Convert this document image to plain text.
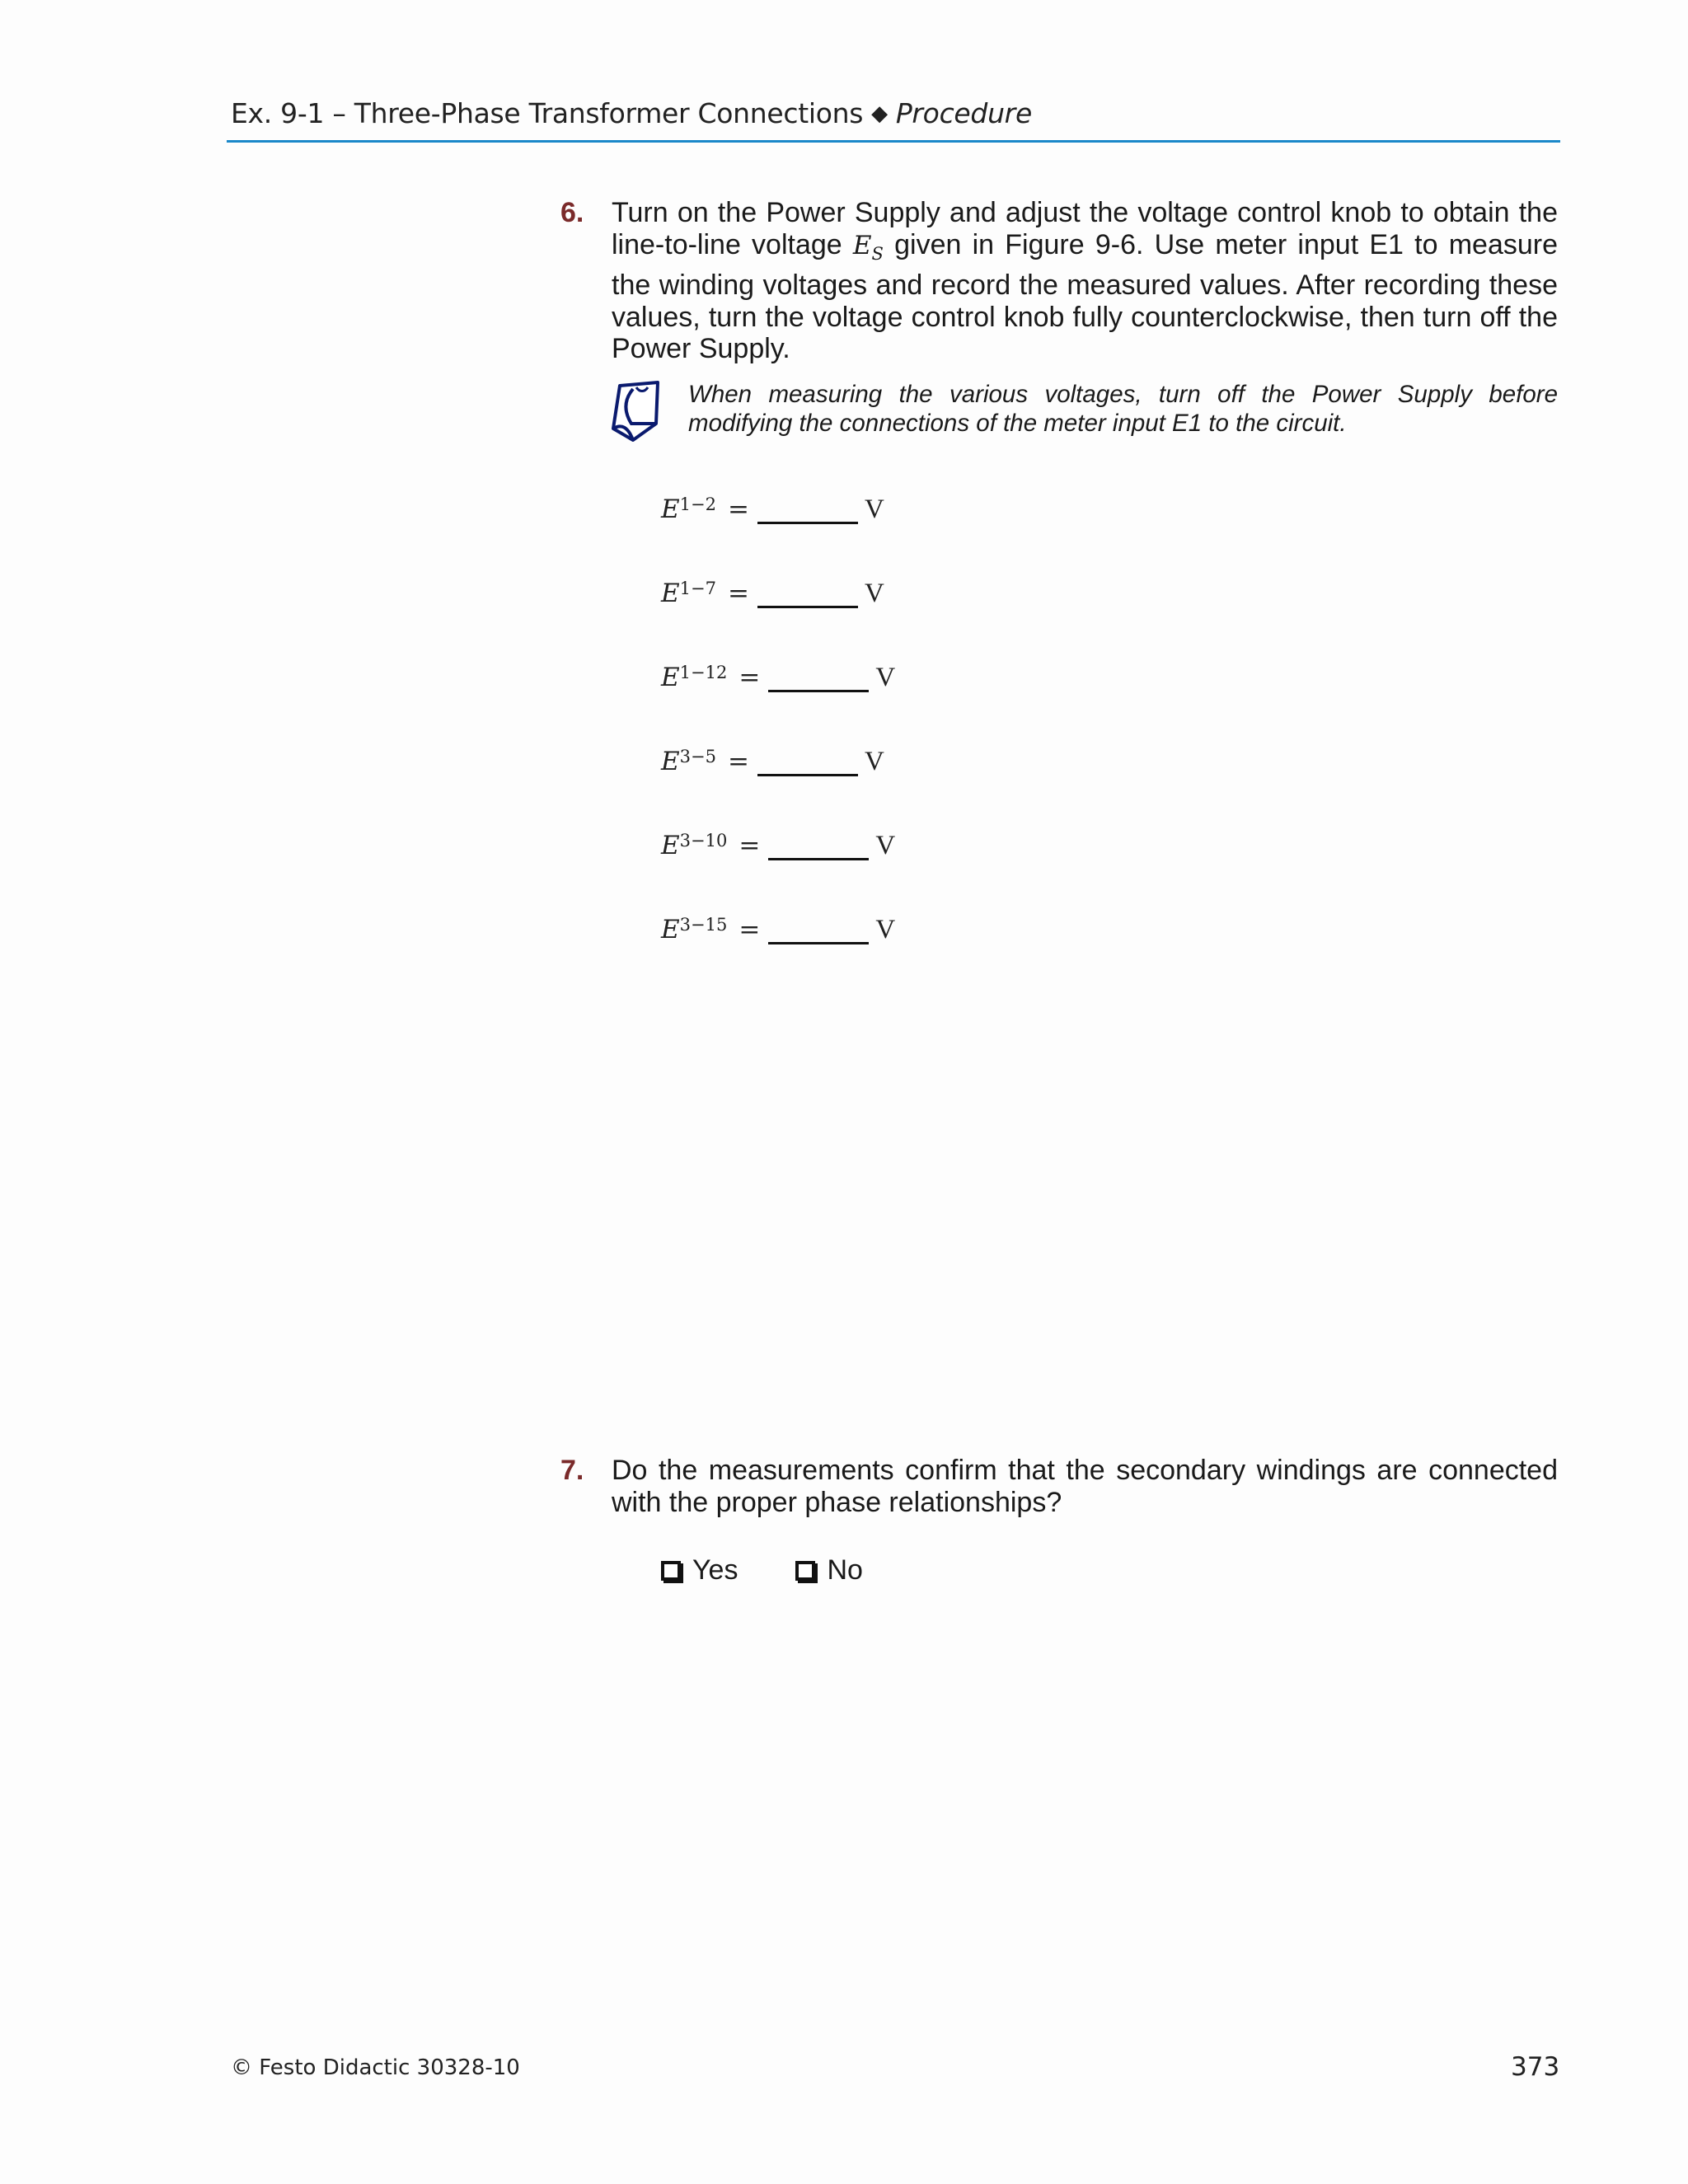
Ex. 9-1 – Three-Phase Transformer Connections ◆ Procedure
6. Turn on the Power Supply and adjust the voltage control knob to obtain the line-to-line voltage $E_S$ given in Figure 9-6. Use meter input E1 to measure the winding voltages and record the measured values. After recording these values, turn the voltage control knob fully counterclockwise, then turn off the Power Supply.
When measuring the various voltages, turn off the Power Supply before modifying the connections of the meter input E1 to the circuit.
E 1−2 =	V
E 1−7 =	V
E 1−12 =	V
E 3−5 =	V
E 3−10 =	V
E 3−15 =	V
7. Do the measurements confirm that the secondary windings are connected with the proper phase relationships?
Yes	No
© Festo Didactic 30328-10	373
